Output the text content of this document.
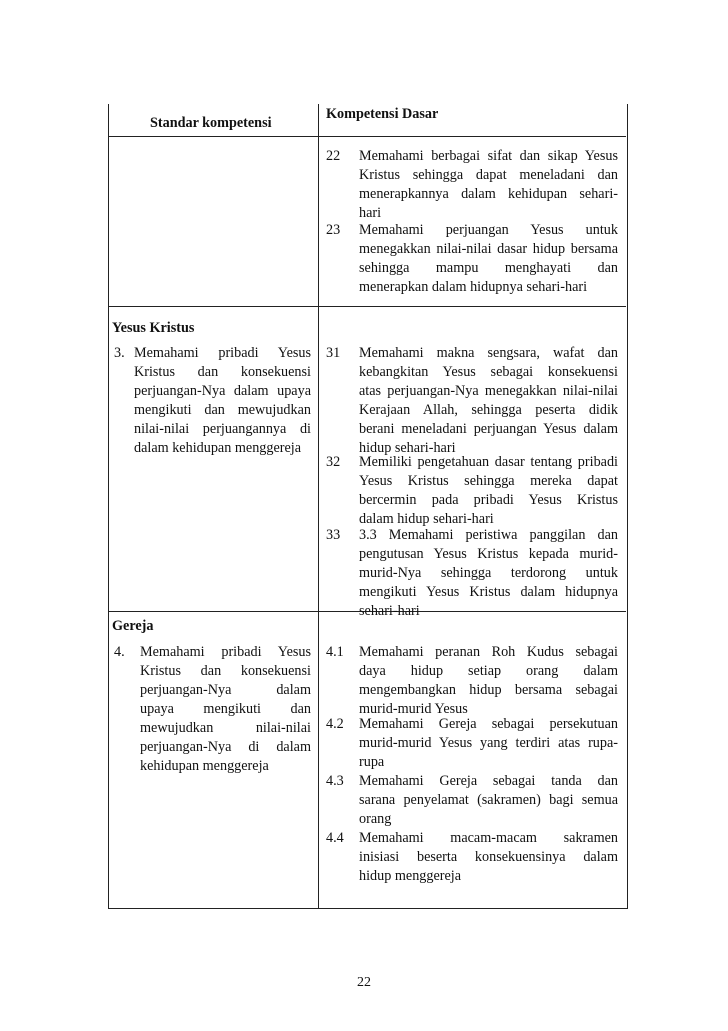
Standar kompetensi
Kompetensi Dasar
22 Memahami berbagai sifat dan sikap Yesus
Kristus sehingga dapat meneladani dan
menerapkannya dalam kehidupan sehari-
hari
23 Memahami perjuangan Yesus untuk
menegakkan nilai-nilai dasar hidup bersama
sehingga mampu menghayati dan
menerapkan dalam hidupnya sehari-hari
Yesus Kristus
3. Memahami pribadi Yesus
Kristus dan konsekuensi
perjuangan-Nya dalam upaya
mengikuti dan mewujudkan
nilai-nilai perjuangannya di
dalam kehidupan menggereja
31 Memahami makna sengsara, wafat dan
kebangkitan Yesus sebagai konsekuensi
atas perjuangan-Nya menegakkan nilai-nilai
Kerajaan Allah, sehingga peserta didik
berani meneladani perjuangan Yesus dalam
hidup sehari-hari
32 Memiliki pengetahuan dasar tentang pribadi
Yesus Kristus sehingga mereka dapat
bercermin pada pribadi Yesus Kristus
dalam hidup sehari-hari
33 3.3 Memahami peristiwa panggilan dan
pengutusan Yesus Kristus kepada murid-
murid-Nya sehingga terdorong untuk
mengikuti Yesus Kristus dalam hidupnya
sehari-hari
Gereja
4. Memahami pribadi Yesus
Kristus dan konsekuensi
perjuangan-Nya dalam
upaya mengikuti dan
mewujudkan nilai-nilai
perjuangan-Nya di dalam
kehidupan menggereja
4.1 Memahami peranan Roh Kudus sebagai
daya hidup setiap orang dalam
mengembangkan hidup bersama sebagai
murid-murid Yesus
4.2 Memahami Gereja sebagai persekutuan
murid-murid Yesus yang terdiri atas rupa-
rupa
4.3 Memahami Gereja sebagai tanda dan
sarana penyelamat (sakramen) bagi semua
orang
4.4 Memahami macam-macam sakramen
inisiasi beserta konsekuensinya dalam
hidup menggereja
22
